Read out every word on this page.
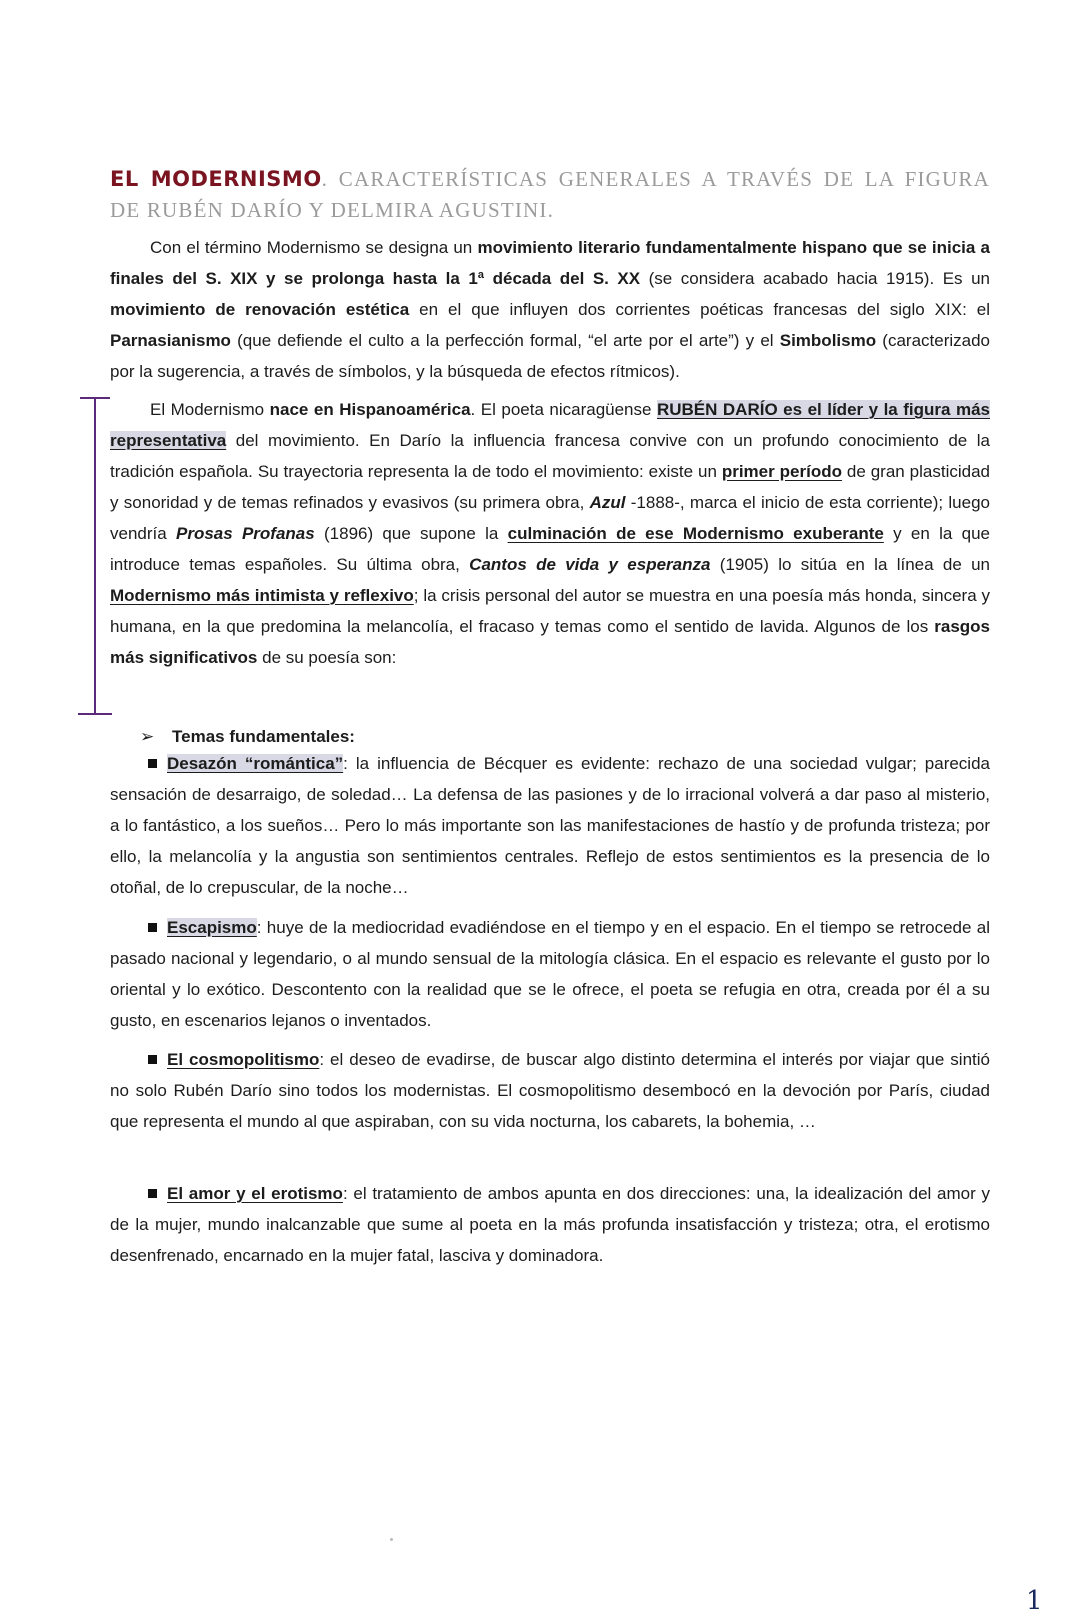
EL MODERNISMO. CARACTERÍSTICAS GENERALES A TRAVÉS DE LA FIGURA DE RUBÉN DARÍO Y DELMIRA AGUSTINI.

Con el término Modernismo se designa un movimiento literario fundamentalmente hispano que se inicia a finales del S. XIX y se prolonga hasta la 1ª década del S. XX (se considera acabado hacia 1915). Es un movimiento de renovación estética en el que influyen dos corrientes poéticas francesas del siglo XIX: el Parnasianismo (que defiende el culto a la perfección formal, “el arte por el arte”) y el Simbolismo (caracterizado por la sugerencia, a través de símbolos, y la búsqueda de efectos rítmicos).

El Modernismo nace en Hispanoamérica. El poeta nicaragüense RUBÉN DARÍO es el líder y la figura más representativa del movimiento. En Darío la influencia francesa convive con un profundo conocimiento de la tradición española. Su trayectoria representa la de todo el movimiento: existe un primer período de gran plasticidad y sonoridad y de temas refinados y evasivos (su primera obra, Azul -1888-, marca el inicio de esta corriente); luego vendría Prosas Profanas (1896) que supone la culminación de ese Modernismo exuberante y en la que introduce temas españoles. Su última obra, Cantos de vida y esperanza (1905) lo sitúa en la línea de un Modernismo más intimista y reflexivo; la crisis personal del autor se muestra en una poesía más honda, sincera y humana, en la que predomina la melancolía, el fracaso y temas como el sentido de lavida. Algunos de los rasgos más significativos de su poesía son:

➢ Temas fundamentales:

Desazón “romántica”: la influencia de Bécquer es evidente: rechazo de una sociedad vulgar; parecida sensación de desarraigo, de soledad… La defensa de las pasiones y de lo irracional volverá a dar paso al misterio, a lo fantástico, a los sueños… Pero lo más importante son las manifestaciones de hastío y de profunda tristeza; por ello, la melancolía y la angustia son sentimientos centrales. Reflejo de estos sentimientos es la presencia de lo otoñal, de lo crepuscular, de la noche…

Escapismo: huye de la mediocridad evadiéndose en el tiempo y en el espacio. En el tiempo se retrocede al pasado nacional y legendario, o al mundo sensual de la mitología clásica. En el espacio es relevante el gusto por lo oriental y lo exótico. Descontento con la realidad que se le ofrece, el poeta se refugia en otra, creada por él a su gusto, en escenarios lejanos o inventados.

El cosmopolitismo: el deseo de evadirse, de buscar algo distinto determina el interés por viajar que sintió no solo Rubén Darío sino todos los modernistas. El cosmopolitismo desembocó en la devoción por París, ciudad que representa el mundo al que aspiraban, con su vida nocturna, los cabarets, la bohemia, …

El amor y el erotismo: el tratamiento de ambos apunta en dos direcciones: una, la idealización del amor y de la mujer, mundo inalcanzable que sume al poeta en la más profunda insatisfacción y tristeza; otra, el erotismo desenfrenado, encarnado en la mujer fatal, lasciva y dominadora.

1
